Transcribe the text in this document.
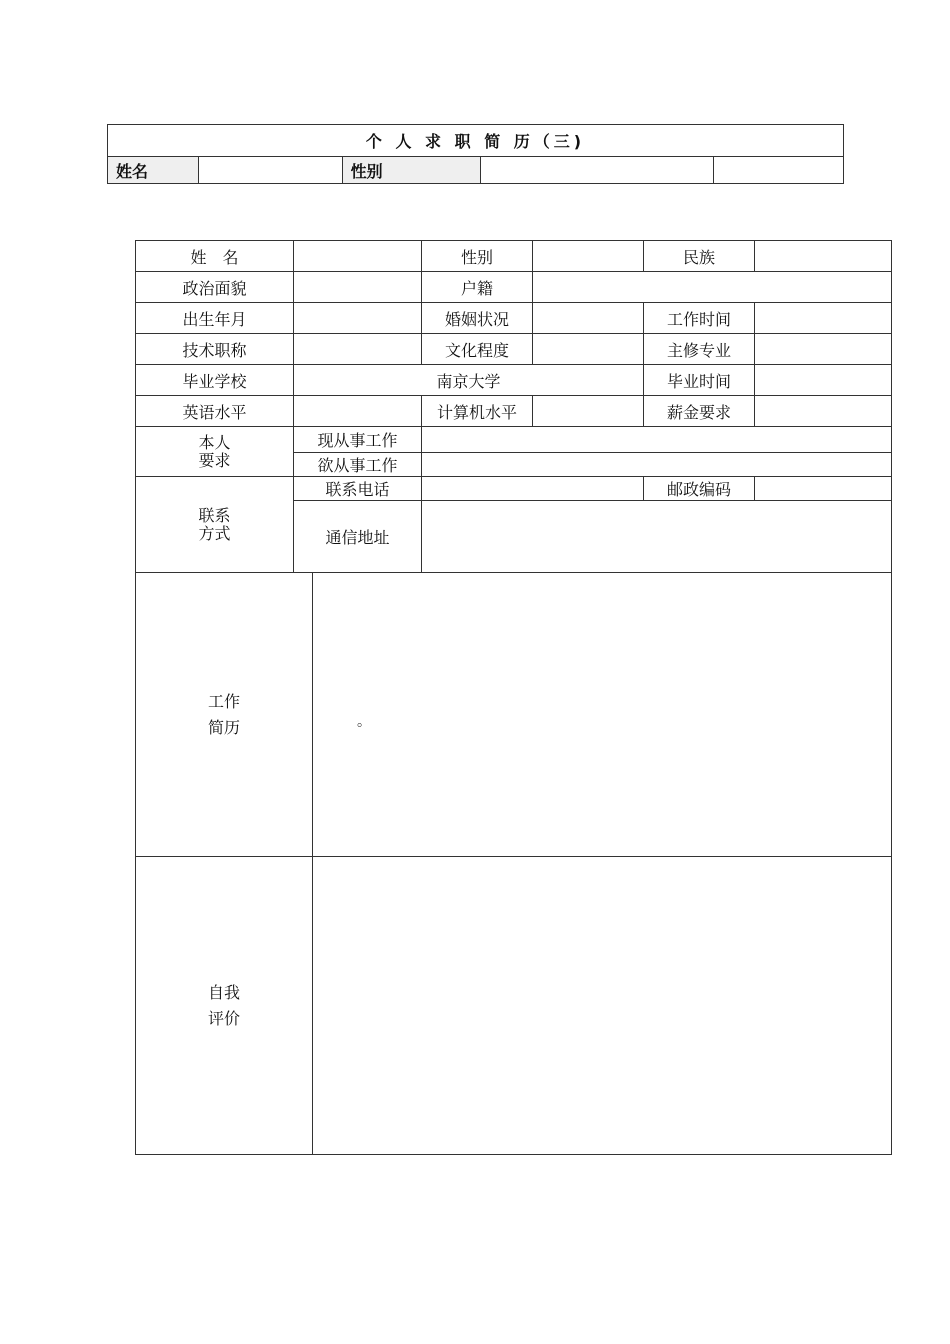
个 人 求 职 简 历（三)
姓名		性别		
姓　名			性别		民族	
政治面貌			户籍			
出生年月			婚姻状况		工作时间	
技术职称			文化程度		主修专业	
毕业学校	南京大学				毕业时间	
英语水平			计算机水平		薪金要求	

本人
要求	现从事工作					
	欲从事工作					

联系
方式	联系电话				邮政编码	
	通信地址					

工作
简历		。				

自我
评价						
